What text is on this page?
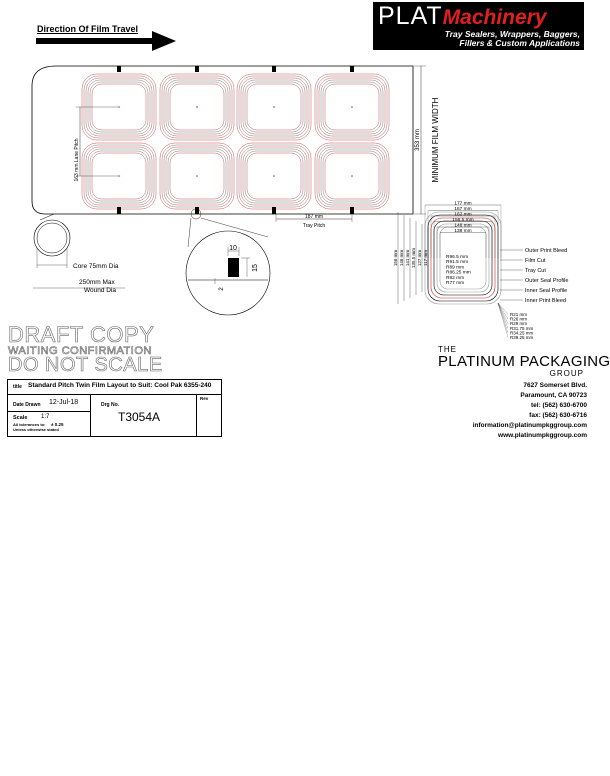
Direction Of Film Travel	PLATMachinery
Tray Sealers, Wrappers, Baggers,
Fillers & Custom Applications
163 mm Lane Pitch	353 mm MINIMUM FILM WIDTH
187 mm
Tray Pitch
Core 75mm Dia
250mm Max
Wound Dia
10
15
2
177 mm
167 mm
162 mm
156.5 mm
148 mm
138 mm
156 mm 146 mm 141 mm 135.5 mm 127 mm 117 mm	R96.5 mm
R91.5 mm
R89 mm
R86.25 mm
R82 mm
R77 mm
R21 mm
R26 mm
R29 mm
R31.75 mm
R34.25 mm
R39.25 mm
Outer Print Bleed
Film Cut
Tray Cut
Outer Seal Profile
Inner Seal Profile
Inner Print Bleed
DRAFT COPY
WAITING CONFIRMATION
DO NOT SCALE
title Standard Pitch Twin Film Layout to Suit: Cool Pak 6355-240
Date Drawn 12-Jul-18	Drg No.
T3054A
Rev
Scale 1:7
All tolerances to: ± 0.25
Unless otherwise stated
THE
PLATINUM PACKAGING
GROUP
7627 Somerset Blvd.
Paramount, CA 90723
tel: (562) 630-6700
fax: (562) 630-6716
information@platinumpkggroup.com
www.platinumpkggroup.com
